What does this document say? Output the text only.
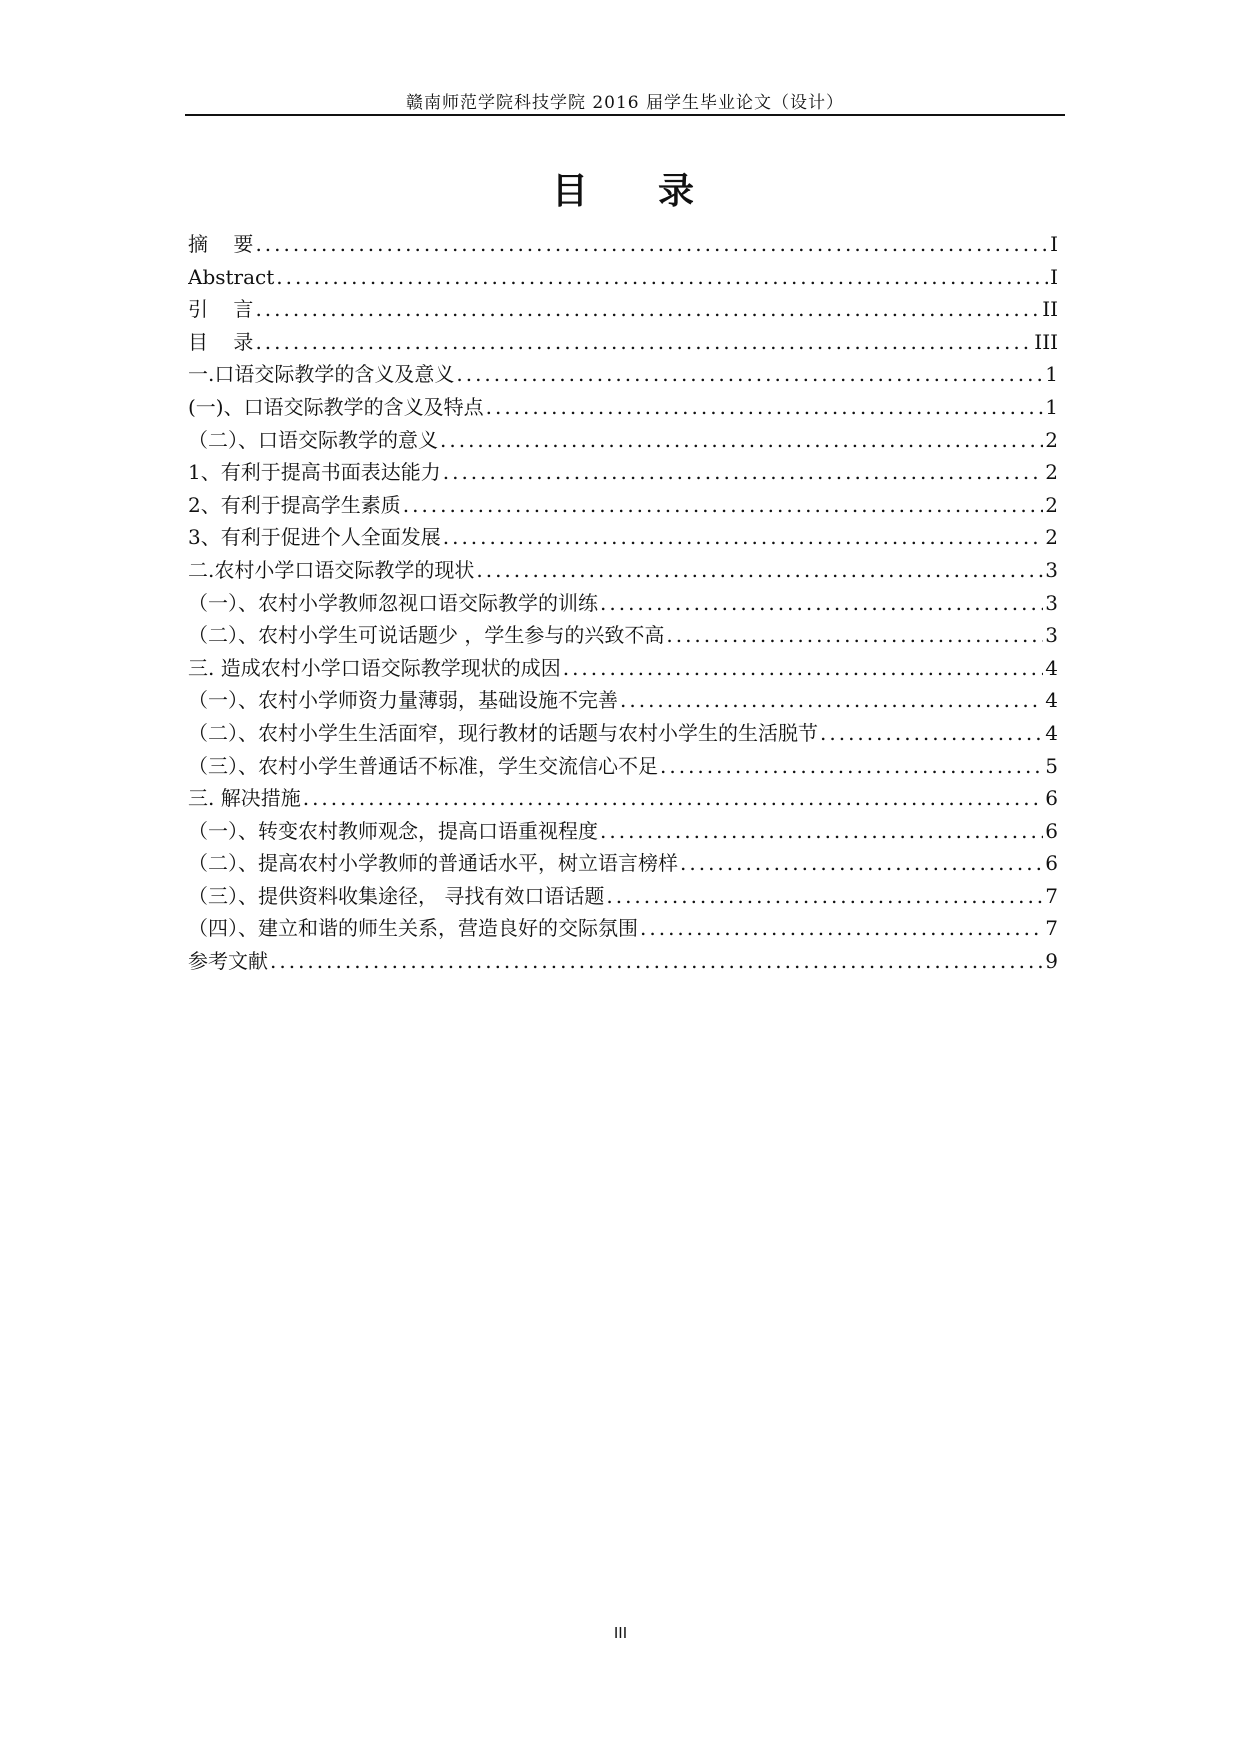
赣南师范学院科技学院 2016 届学生毕业论文（设计）
目    录
摘    要 .....	I
Abstract .....	I
引    言 .....	II
目    录 .....	III
一.口语交际教学的含义及意义 .....	1
(一)、口语交际教学的含义及特点 .....	1
（二）、口语交际教学的意义 .....	2
1、有利于提高书面表达能力 .....	2
2、有利于提高学生素质 .....	2
3、有利于促进个人全面发展 .....	2
二.农村小学口语交际教学的现状 .....	3
（一）、农村小学教师忽视口语交际教学的训练 .....	3
（二）、农村小学生可说话题少 ，学生参与的兴致不高 .....	3
三. 造成农村小学口语交际教学现状的成因 .....	4
（一）、农村小学师资力量薄弱，基础设施不完善 .....	4
（二）、农村小学生生活面窄，现行教材的话题与农村小学生的生活脱节 .....	4
（三）、农村小学生普通话不标准，学生交流信心不足 .....	5
三. 解决措施 .....	6
（一）、转变农村教师观念，提高口语重视程度 .....	6
（二）、提高农村小学教师的普通话水平，树立语言榜样 .....	6
（三）、提供资料收集途径， 寻找有效口语话题 .....	7
（四）、建立和谐的师生关系，营造良好的交际氛围 .....	7
参考文献 .....	9
III
